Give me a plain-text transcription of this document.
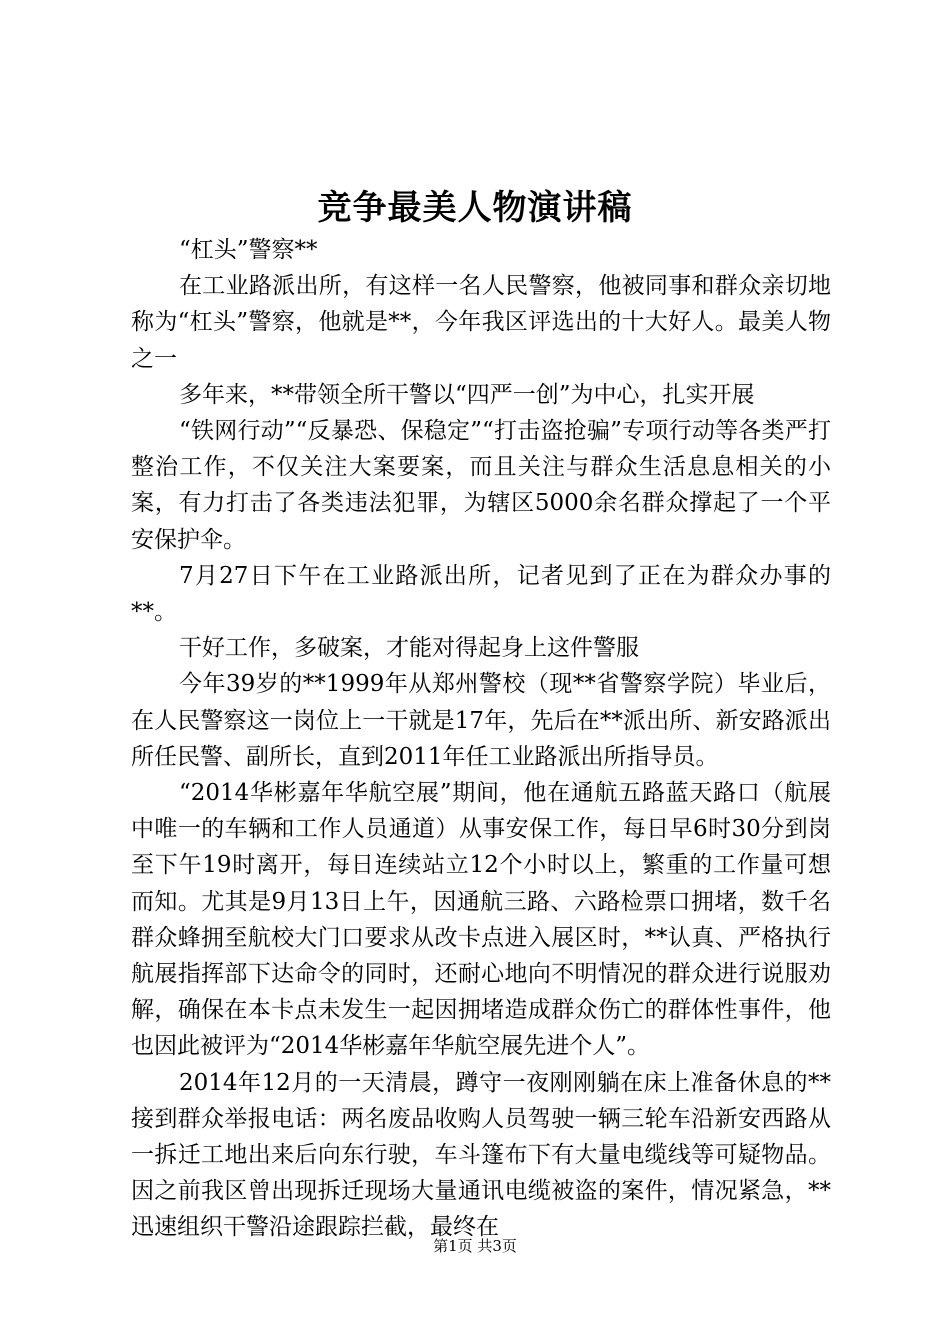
竞争最美人物演讲稿

“杠头”警察**

在工业路派出所，有这样一名人民警察，他被同事和群众亲切地称为“杠头”警察，他就是**，今年我区评选出的十大好人。最美人物之一

多年来，**带领全所干警以“四严一创”为中心，扎实开展

“铁网行动”“反暴恐、保稳定”“打击盗抢骗”专项行动等各类严打整治工作，不仅关注大案要案，而且关注与群众生活息息相关的小案，有力打击了各类违法犯罪，为辖区5000余名群众撑起了一个平安保护伞。

7月27日下午在工业路派出所，记者见到了正在为群众办事的**。

干好工作，多破案，才能对得起身上这件警服

今年39岁的**1999年从郑州警校（现**省警察学院）毕业后，在人民警察这一岗位上一干就是17年，先后在**派出所、新安路派出所任民警、副所长，直到2011年任工业路派出所指导员。

“2014华彬嘉年华航空展”期间，他在通航五路蓝天路口（航展中唯一的车辆和工作人员通道）从事安保工作，每日早6时30分到岗至下午19时离开，每日连续站立12个小时以上，繁重的工作量可想而知。尤其是9月13日上午，因通航三路、六路检票口拥堵，数千名群众蜂拥至航校大门口要求从改卡点进入展区时，**认真、严格执行航展指挥部下达命令的同时，还耐心地向不明情况的群众进行说服劝解，确保在本卡点未发生一起因拥堵造成群众伤亡的群体性事件，他也因此被评为“2014华彬嘉年华航空展先进个人”。

2014年12月的一天清晨，蹲守一夜刚刚躺在床上准备休息的**接到群众举报电话：两名废品收购人员驾驶一辆三轮车沿新安西路从一拆迁工地出来后向东行驶，车斗篷布下有大量电缆线等可疑物品。因之前我区曾出现拆迁现场大量通讯电缆被盗的案件，情况紧急，**迅速组织干警沿途跟踪拦截，最终在

第1页 共3页
